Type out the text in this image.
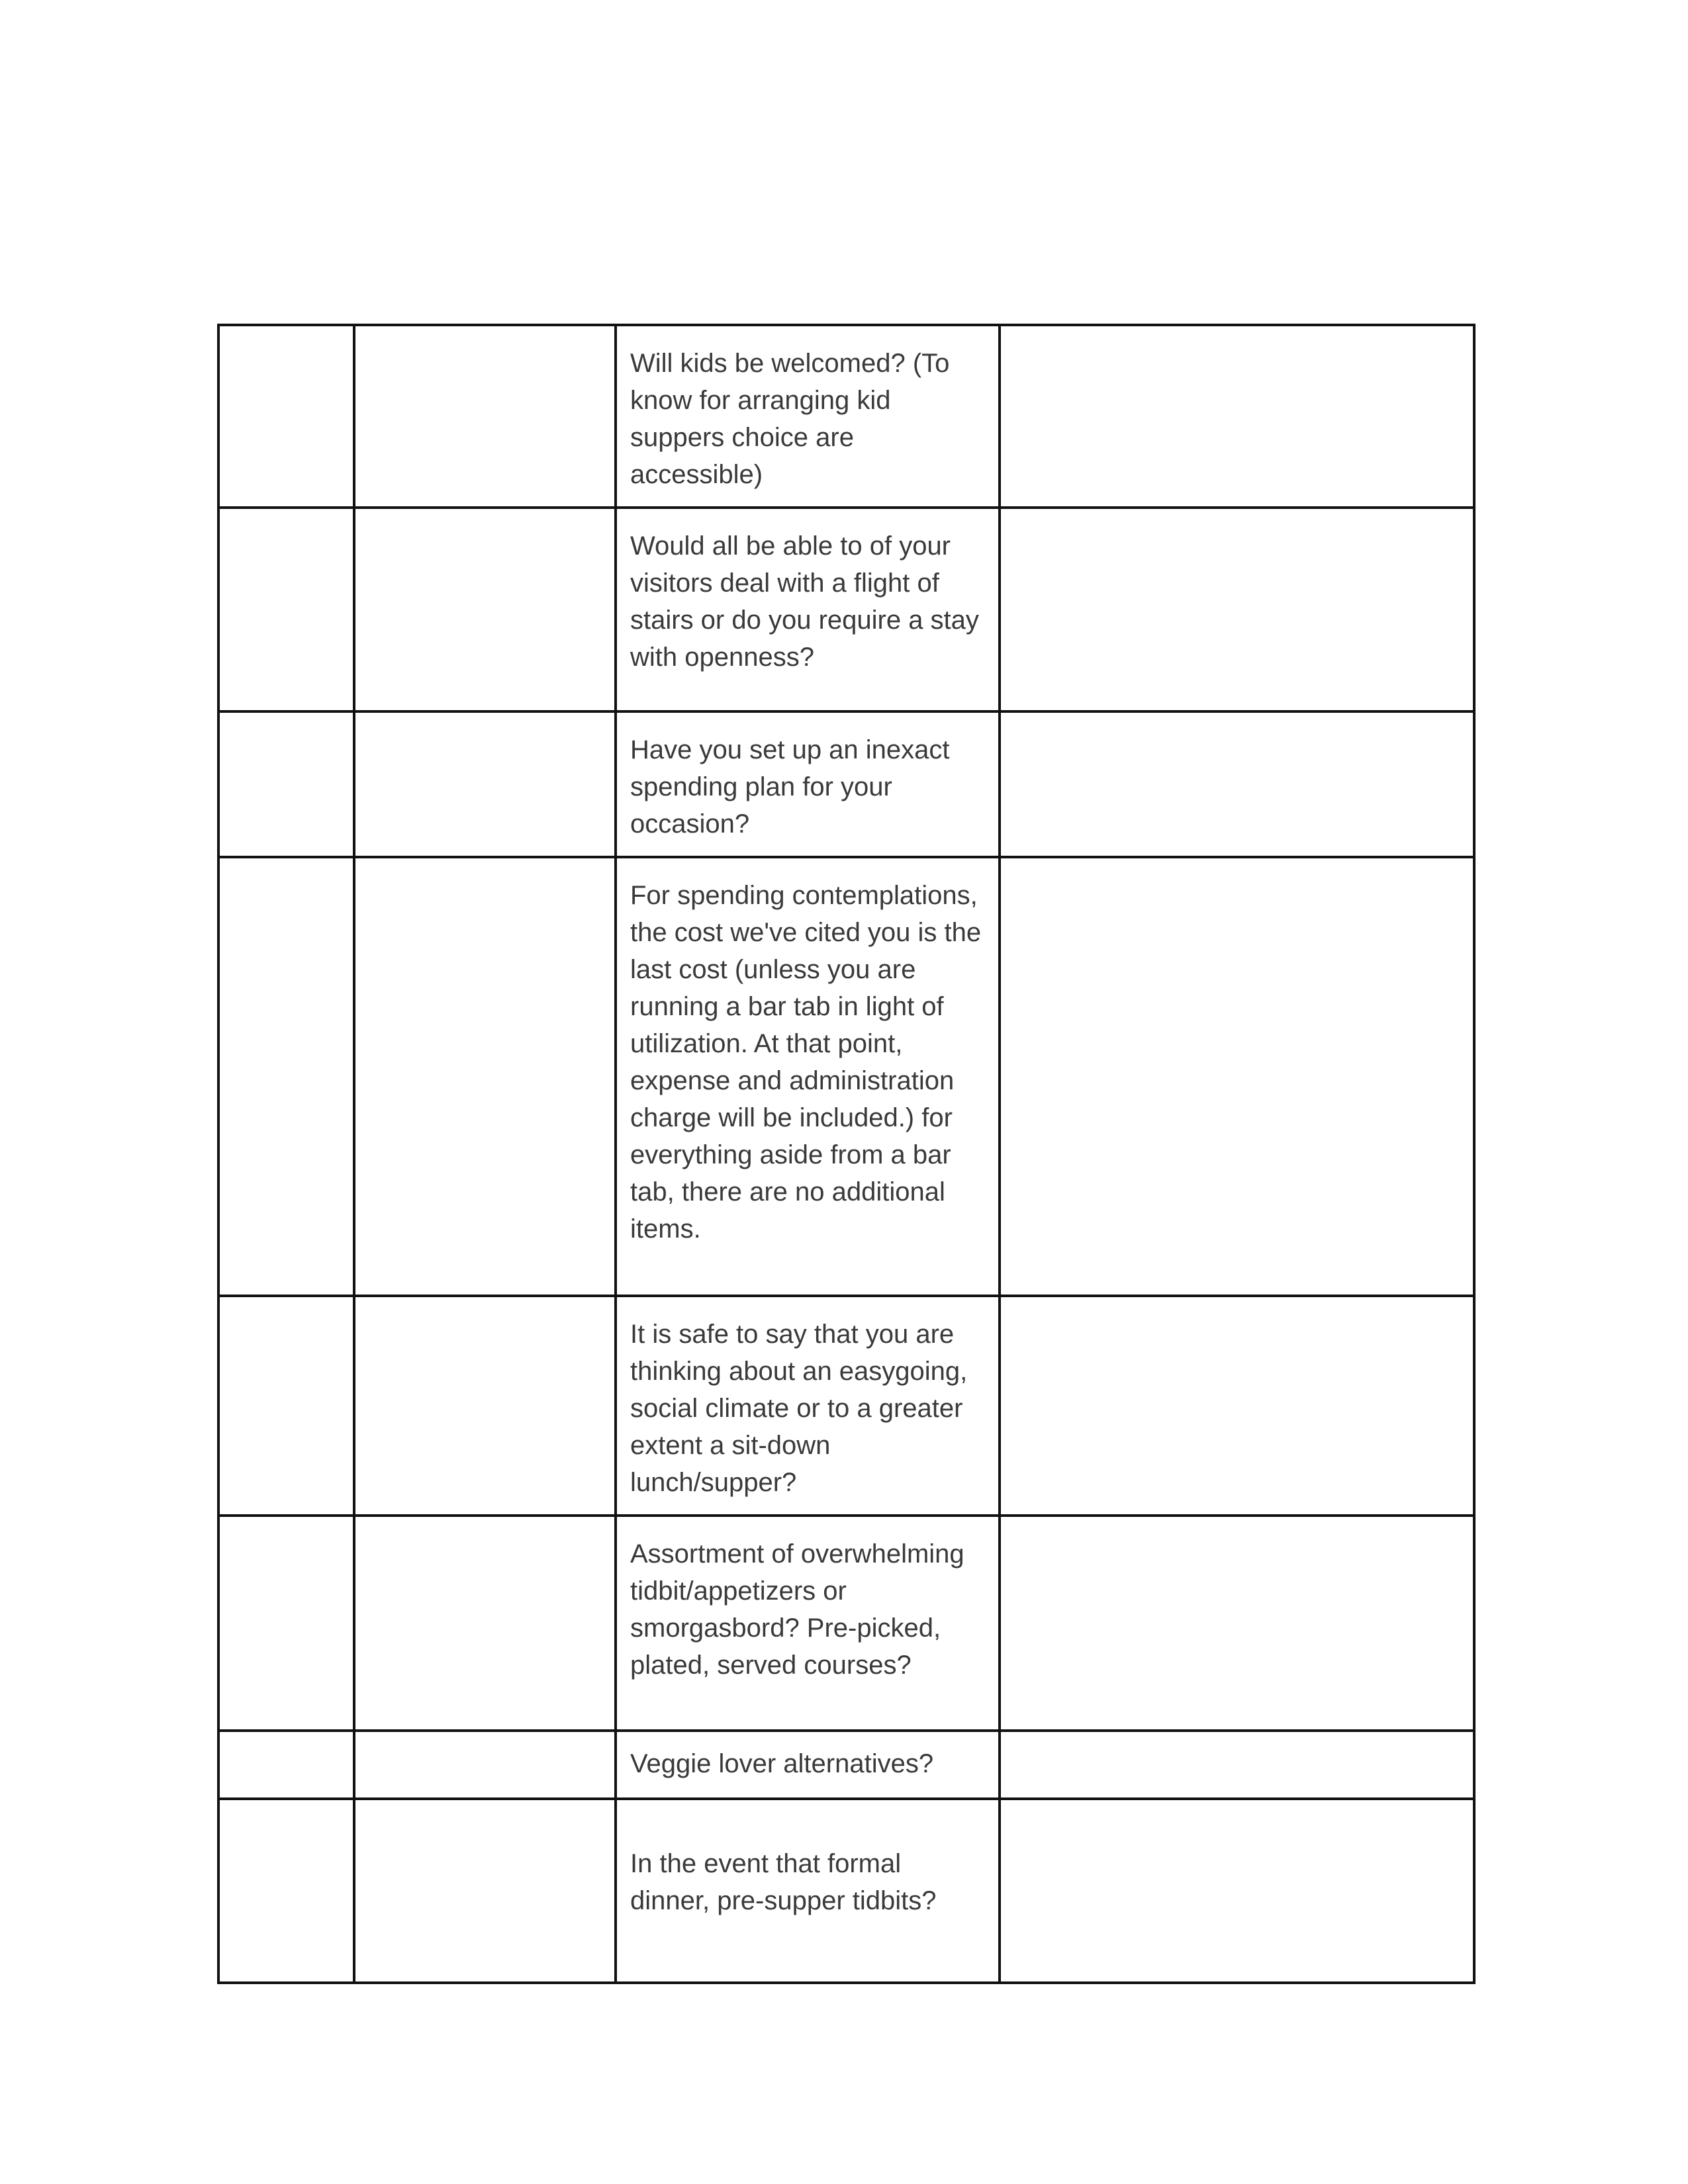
		Will kids be welcomed? (To know for arranging kid suppers choice are accessible)	
		Would all be able to of your visitors deal with a flight of stairs or do you require a stay with openness?	
		Have you set up an inexact spending plan for your occasion?	
		For spending contemplations, the cost we've cited you is the last cost (unless you are running a bar tab in light of utilization. At that point, expense and administration charge will be included.) for everything aside from a bar tab, there are no additional items.	
		It is safe to say that you are thinking about an easygoing, social climate or to a greater extent a sit-down lunch/supper?	
		Assortment of overwhelming tidbit/appetizers or smorgasbord? Pre-picked, plated, served courses?	
		Veggie lover alternatives?	
		In the event that formal dinner, pre-supper tidbits?	
